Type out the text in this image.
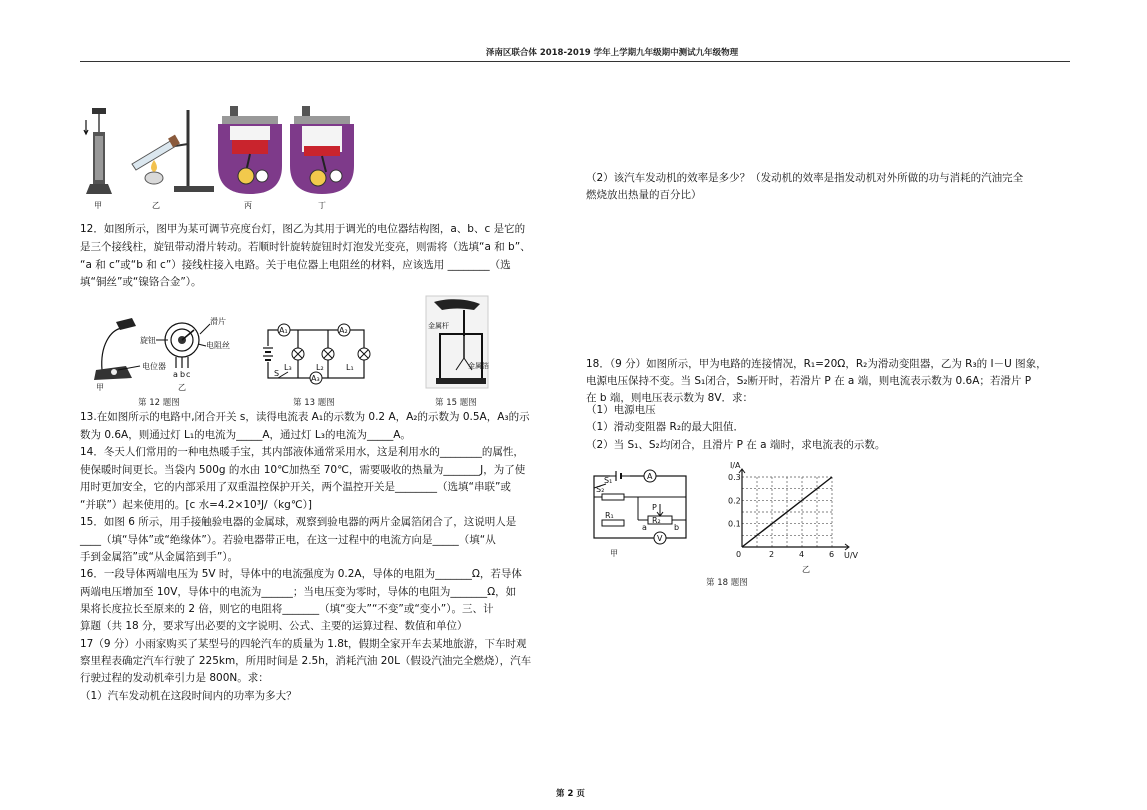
泽南区联合体 2018-2019 学年上学期九年级期中测试九年级物理
甲	乙	丙	丁
12．如图所示，图甲为某可调节亮度台灯，图乙为其用于调光的电位器结构图，a、b、c 是它的
是三个接线柱，旋钮带动滑片转动。若顺时针旋转旋钮时灯泡发光变亮，则需将（选填“a 和 b”、
“a 和 c”或“b 和 c”）接线柱接入电路。关于电位器上电阻丝的材料，应该选用 ________（选
填“铜丝”或“镍铬合金”）。
滑片
旋钮
电阻丝
电位器
甲	乙
a b c
第 12 题图
A₁	A₂
A₃
L₁
L₂
L₃
S
第 13 题图
金属杆
金属箔
第 15 题图
13.在如图所示的电路中,闭合开关 s，读得电流表 A₁的示数为 0.2 A，A₂的示数为 0.5A，A₃的示
数为 0.6A，则通过灯 L₁的电流为_____A，通过灯 L₃的电流为_____A。
14．冬天人们常用的一种电热暖手宝，其内部液体通常采用水，这是利用水的________的属性，
使保暖时间更长。当袋内 500g 的水由 10℃加热至 70℃，需要吸收的热量为_______J，为了使
用时更加安全，它的内部采用了双重温控保护开关，两个温控开关是________（选填“串联”或
“并联”）起来使用的。[c 水=4.2×10³J/（kg℃）]
15．如图 6 所示，用手接触验电器的金属球，观察到验电器的两片金属箔闭合了，这说明人是
____（填“导体”或“绝缘体”）。若验电器带正电，在这一过程中的电流方向是_____（填“从
手到金属箔”或“从金属箔到手”）。
16．一段导体两端电压为 5V 时，导体中的电流强度为 0.2A，导体的电阻为_______Ω，若导体
两端电压增加至 10V，导体中的电流为______；当电压变为零时，导体的电阻为_______Ω，如
果将长度拉长至原来的 2 倍，则它的电阻将_______（填“变大”“不变”或“变小”）。三、计
算题（共 18 分，要求写出必要的文字说明、公式、主要的运算过程、数值和单位）
17（9 分）小雨家购买了某型号的四轮汽车的质量为 1.8t，假期全家开车去某地旅游，下车时观
察里程表确定汽车行驶了 225km，所用时间是 2.5h，消耗汽油 20L（假设汽油完全燃烧），汽车
行驶过程的发动机牵引力是 800N。求：
（1）汽车发动机在这段时间内的功率为多大？
（2）该汽车发动机的效率是多少？（发动机的效率是指发动机对外所做的功与消耗的汽油完全
燃烧放出热量的百分比）
18．（9 分）如图所示，甲为电路的连接情况，R₁=20Ω，R₂为滑动变阻器，乙为 R₃的 I－U 图象，
电源电压保持不变。当 S₁闭合，S₂断开时，若滑片 P 在 a 端，则电流表示数为 0.6A；若滑片 P
在 b 端，则电压表示数为 8V．求：
（1）电源电压
（1）滑动变阻器 R₂的最大阻值．
（2）当 S₁、S₂均闭合，且滑片 P 在 a 端时，求电流表的示数。
S₁
S₂
R₁
R₂
A
V
P
a	b
甲
I/A
U/V
0	2	4	6
0.1
0.2
0.3
乙
第 18 题图
第 2 页
